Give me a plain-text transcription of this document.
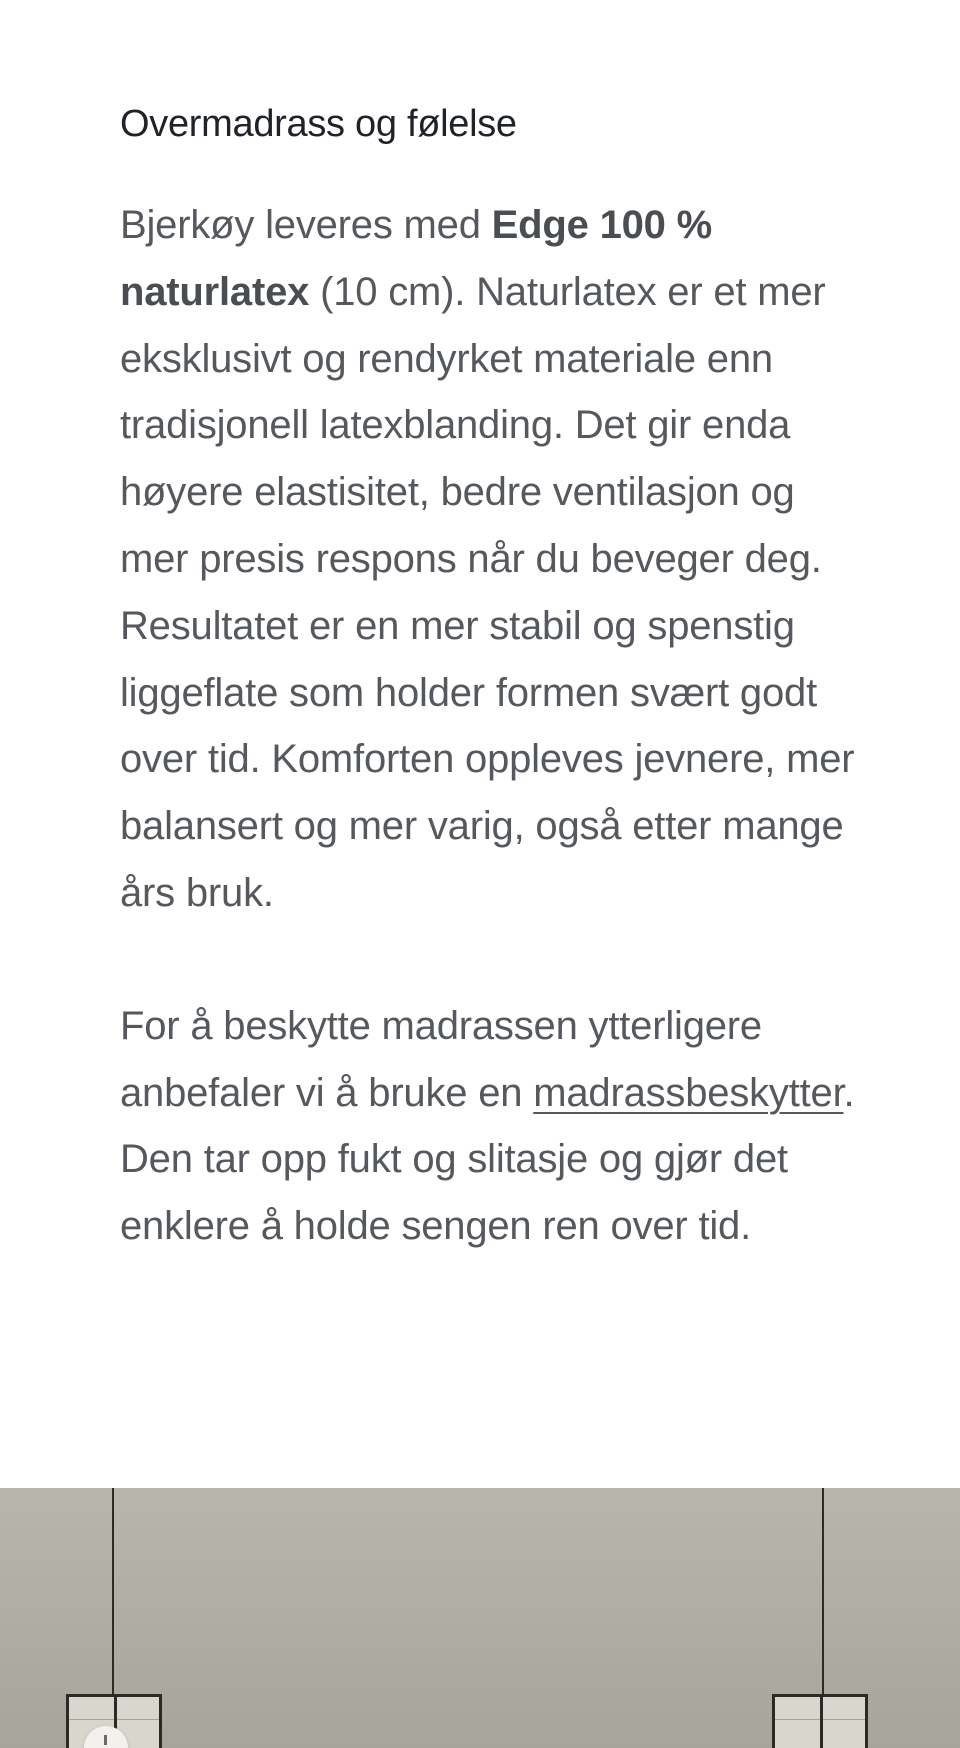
Overmadrass og følelse

Bjerkøy leveres med Edge 100 % naturlatex (10 cm). Naturlatex er et mer eksklusivt og rendyrket materiale enn tradisjonell latexblanding. Det gir enda høyere elastisitet, bedre ventilasjon og mer presis respons når du beveger deg. Resultatet er en mer stabil og spenstig liggeflate som holder formen svært godt over tid. Komforten oppleves jevnere, mer balansert og mer varig, også etter mange års bruk.

For å beskytte madrassen ytterligere anbefaler vi å bruke en madrassbeskytter. Den tar opp fukt og slitasje og gjør det enklere å holde sengen ren over tid.
